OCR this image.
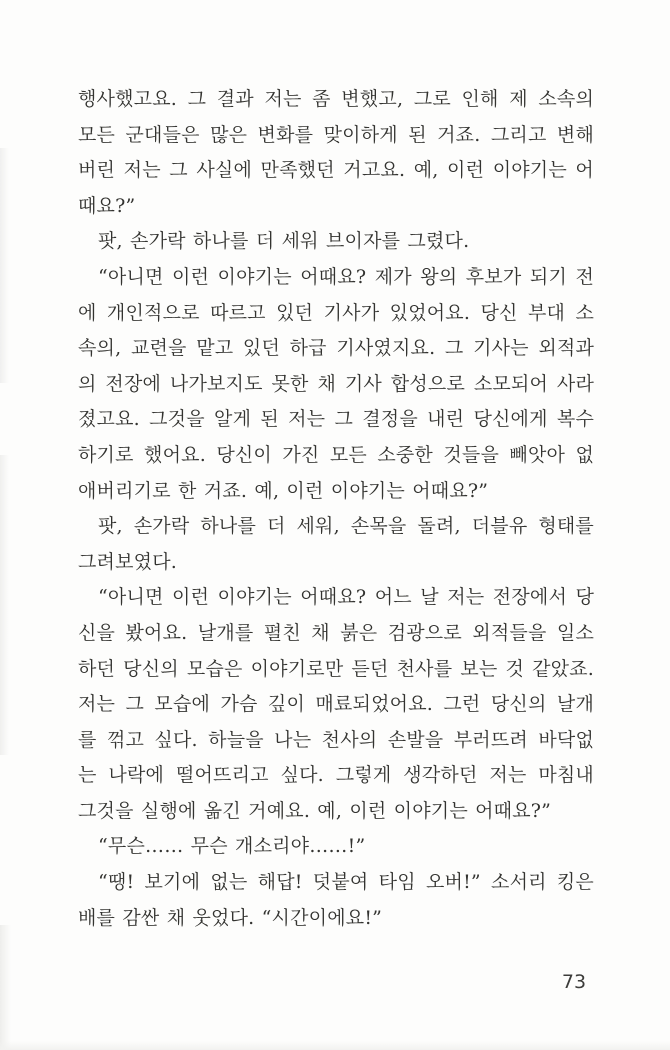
행사했고요. 그 결과 저는 좀 변했고, 그로 인해 제 소속의
모든 군대들은 많은 변화를 맞이하게 된 거죠. 그리고 변해
버린 저는 그 사실에 만족했던 거고요. 예, 이런 이야기는 어
때요?”
팟, 손가락 하나를 더 세워 브이자를 그렸다.
“아니면 이런 이야기는 어때요? 제가 왕의 후보가 되기 전
에 개인적으로 따르고 있던 기사가 있었어요. 당신 부대 소
속의, 교련을 맡고 있던 하급 기사였지요. 그 기사는 외적과
의 전장에 나가보지도 못한 채 기사 합성으로 소모되어 사라
졌고요. 그것을 알게 된 저는 그 결정을 내린 당신에게 복수
하기로 했어요. 당신이 가진 모든 소중한 것들을 빼앗아 없
애버리기로 한 거죠. 예, 이런 이야기는 어때요?”
팟, 손가락 하나를 더 세워, 손목을 돌려, 더블유 형태를
그려보였다.
“아니면 이런 이야기는 어때요? 어느 날 저는 전장에서 당
신을 봤어요. 날개를 펼친 채 붉은 검광으로 외적들을 일소
하던 당신의 모습은 이야기로만 듣던 천사를 보는 것 같았죠.
저는 그 모습에 가슴 깊이 매료되었어요. 그런 당신의 날개
를 꺾고 싶다. 하늘을 나는 천사의 손발을 부러뜨려 바닥없
는 나락에 떨어뜨리고 싶다. 그렇게 생각하던 저는 마침내
그것을 실행에 옮긴 거예요. 예, 이런 이야기는 어때요?”
“무슨…… 무슨 개소리야……!”
“땡! 보기에 없는 해답! 덧붙여 타임 오버!” 소서리 킹은
배를 감싼 채 웃었다. “시간이에요!”
73
